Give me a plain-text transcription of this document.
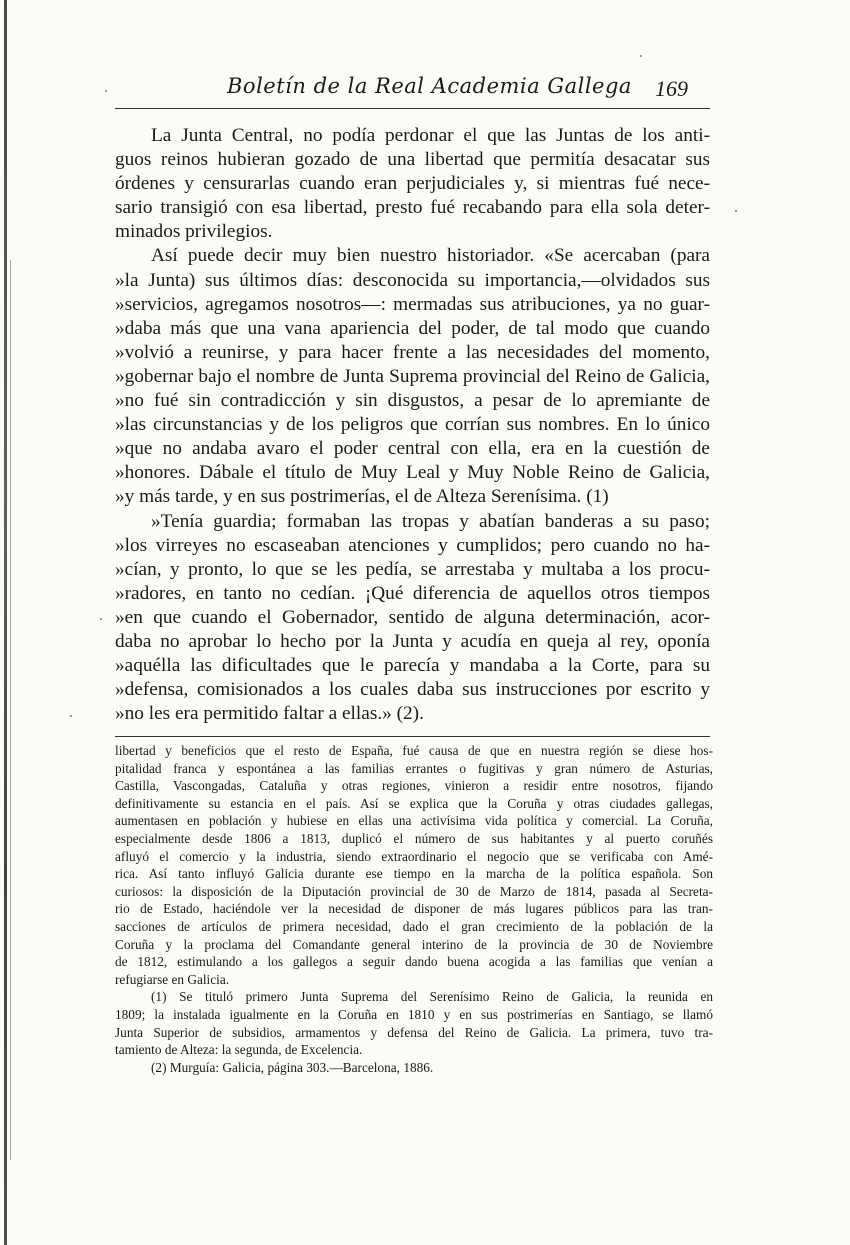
Boletín de la Real Academia Gallega 169
La Junta Central, no podía perdonar el que las Juntas de los anti-
guos reinos hubieran gozado de una libertad que permitía desacatar sus
órdenes y censurarlas cuando eran perjudiciales y, si mientras fué nece-
sario transigió con esa libertad, presto fué recabando para ella sola deter-
minados privilegios.
Así puede decir muy bien nuestro historiador. «Se acercaban (para
»la Junta) sus últimos días: desconocida su importancia,—olvidados sus
»servicios, agregamos nosotros—: mermadas sus atribuciones, ya no guar-
»daba más que una vana apariencia del poder, de tal modo que cuando
»volvió a reunirse, y para hacer frente a las necesidades del momento,
»gobernar bajo el nombre de Junta Suprema provincial del Reino de Galicia,
»no fué sin contradicción y sin disgustos, a pesar de lo apremiante de
»las circunstancias y de los peligros que corrían sus nombres. En lo único
»que no andaba avaro el poder central con ella, era en la cuestión de
»honores. Dábale el título de Muy Leal y Muy Noble Reino de Galicia,
»y más tarde, y en sus postrimerías, el de Alteza Serenísima. (1)
»Tenía guardia; formaban las tropas y abatían banderas a su paso;
»los virreyes no escaseaban atenciones y cumplidos; pero cuando no ha-
»cían, y pronto, lo que se les pedía, se arrestaba y multaba a los procu-
»radores, en tanto no cedían. ¡Qué diferencia de aquellos otros tiempos
»en que cuando el Gobernador, sentido de alguna determinación, acor-
daba no aprobar lo hecho por la Junta y acudía en queja al rey, oponía
»aquélla las dificultades que le parecía y mandaba a la Corte, para su
»defensa, comisionados a los cuales daba sus instrucciones por escrito y
»no les era permitido faltar a ellas.» (2).
libertad y beneficios que el resto de España, fué causa de que en nuestra región se diese hos-
pitalidad franca y espontánea a las familias errantes o fugitivas y gran número de Asturias,
Castilla, Vascongadas, Cataluña y otras regiones, vinieron a residir entre nosotros, fijando
definitivamente su estancia en el país. Así se explica que la Coruña y otras ciudades gallegas,
aumentasen en población y hubiese en ellas una activísima vida política y comercial. La Coruña,
especialmente desde 1806 a 1813, duplicó el número de sus habitantes y al puerto coruñés
afluyó el comercio y la industria, siendo extraordinario el negocio que se verificaba con Amé-
rica. Así tanto influyó Galicia durante ese tiempo en la marcha de la política española. Son
curiosos: la disposición de la Diputación provincial de 30 de Marzo de 1814, pasada al Secreta-
rio de Estado, haciéndole ver la necesidad de disponer de más lugares públicos para las tran-
sacciones de artículos de primera necesidad, dado el gran crecimiento de la población de la
Coruña y la proclama del Comandante general interino de la provincia de 30 de Noviembre
de 1812, estimulando a los gallegos a seguir dando buena acogida a las familias que venían a
refugiarse en Galicia.
(1) Se tituló primero Junta Suprema del Serenísimo Reino de Galicia, la reunida en
1809; la instalada igualmente en la Coruña en 1810 y en sus postrimerías en Santiago, se llamó
Junta Superior de subsidios, armamentos y defensa del Reino de Galicia. La primera, tuvo tra-
tamiento de Alteza: la segunda, de Excelencia.
(2) Murguía: Galicia, página 303.—Barcelona, 1886.
